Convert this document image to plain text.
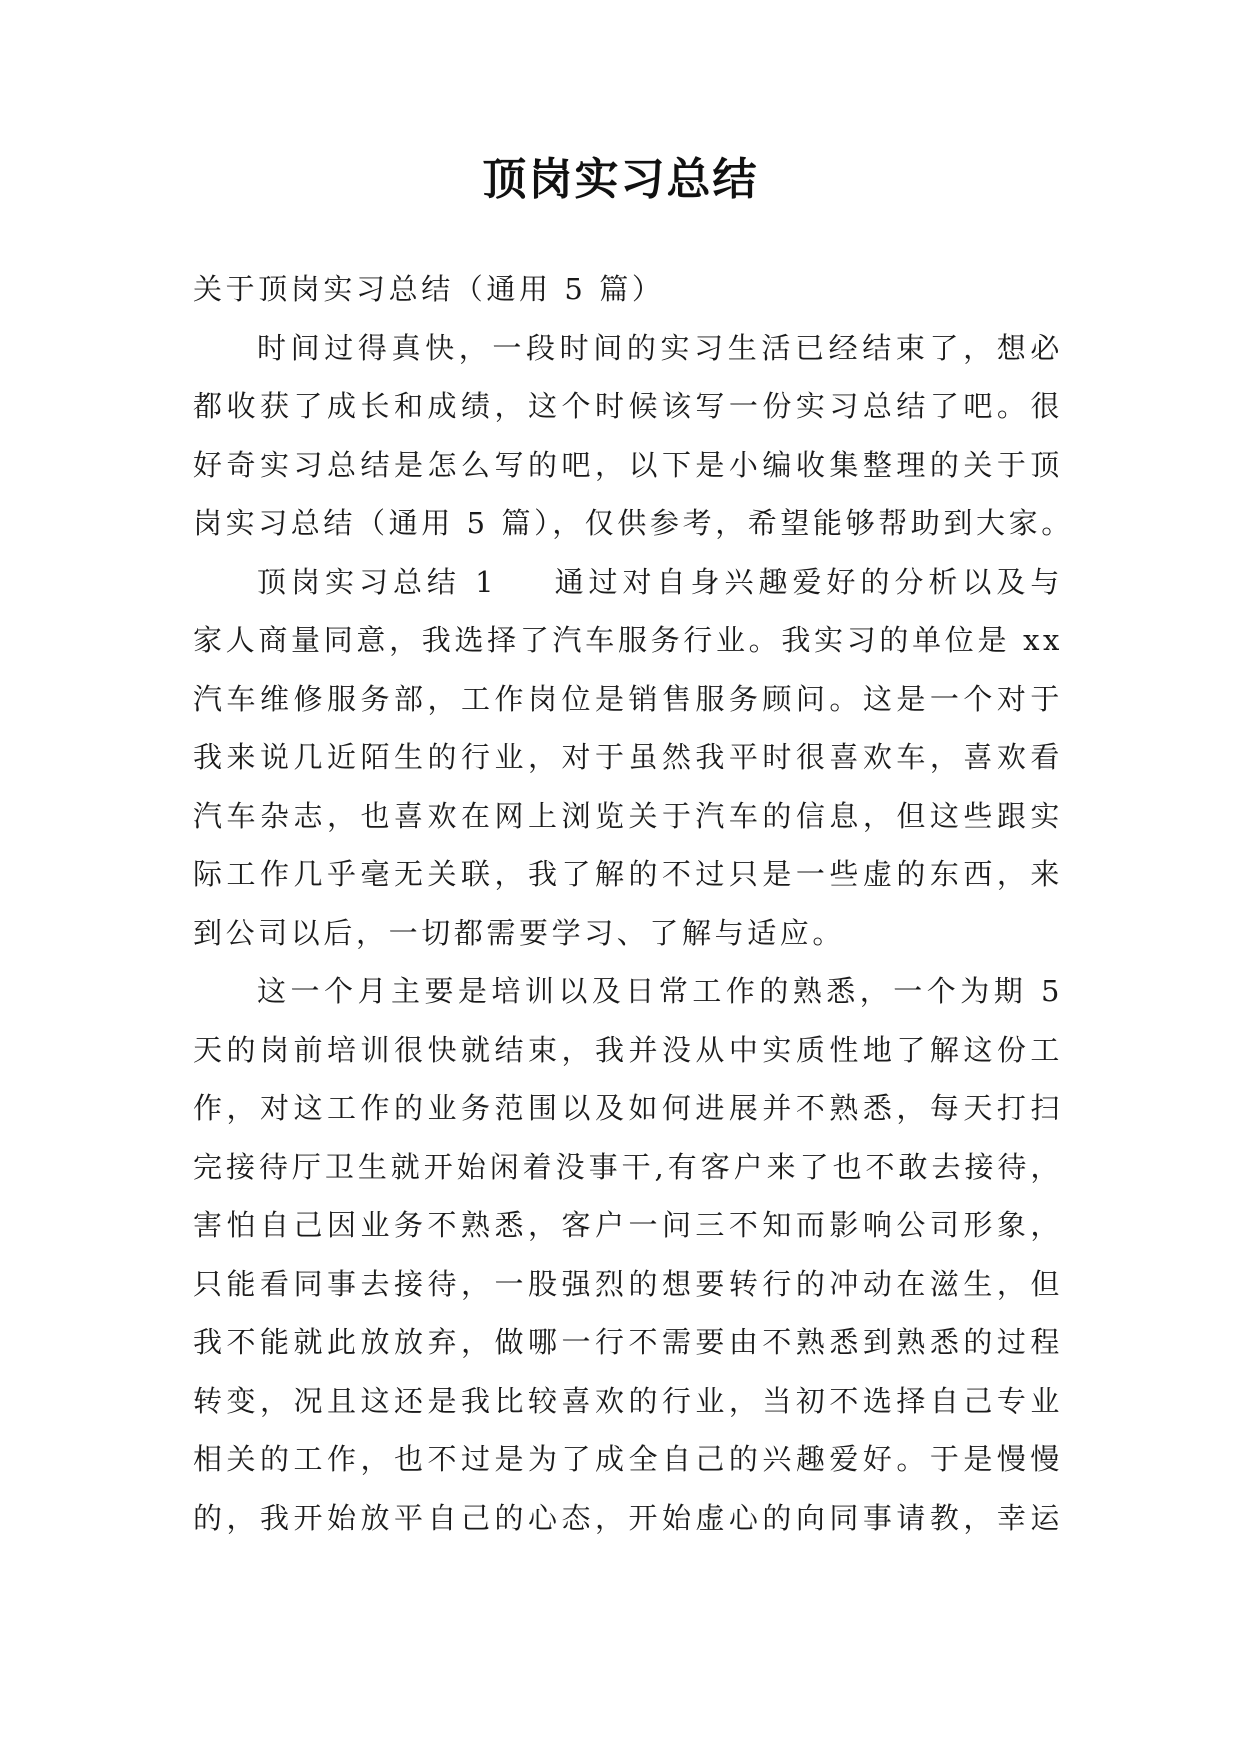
顶岗实习总结

关于顶岗实习总结（通用 5 篇）

时间过得真快，一段时间的实习生活已经结束了，想必
都收获了成长和成绩，这个时候该写一份实习总结了吧。很
好奇实习总结是怎么写的吧，以下是小编收集整理的关于顶
岗实习总结（通用 5 篇），仅供参考，希望能够帮助到大家。

顶岗实习总结 1 通过对自身兴趣爱好的分析以及与
家人商量同意，我选择了汽车服务行业。我实习的单位是 xx
汽车维修服务部，工作岗位是销售服务顾问。这是一个对于
我来说几近陌生的行业，对于虽然我平时很喜欢车，喜欢看
汽车杂志，也喜欢在网上浏览关于汽车的信息，但这些跟实
际工作几乎毫无关联，我了解的不过只是一些虚的东西，来
到公司以后，一切都需要学习、了解与适应。

这一个月主要是培训以及日常工作的熟悉，一个为期 5
天的岗前培训很快就结束，我并没从中实质性地了解这份工
作，对这工作的业务范围以及如何进展并不熟悉，每天打扫
完接待厅卫生就开始闲着没事干,有客户来了也不敢去接待，
害怕自己因业务不熟悉，客户一问三不知而影响公司形象，
只能看同事去接待，一股强烈的想要转行的冲动在滋生，但
我不能就此放放弃，做哪一行不需要由不熟悉到熟悉的过程
转变，况且这还是我比较喜欢的行业，当初不选择自己专业
相关的工作，也不过是为了成全自己的兴趣爱好。于是慢慢
的，我开始放平自己的心态，开始虚心的向同事请教，幸运
